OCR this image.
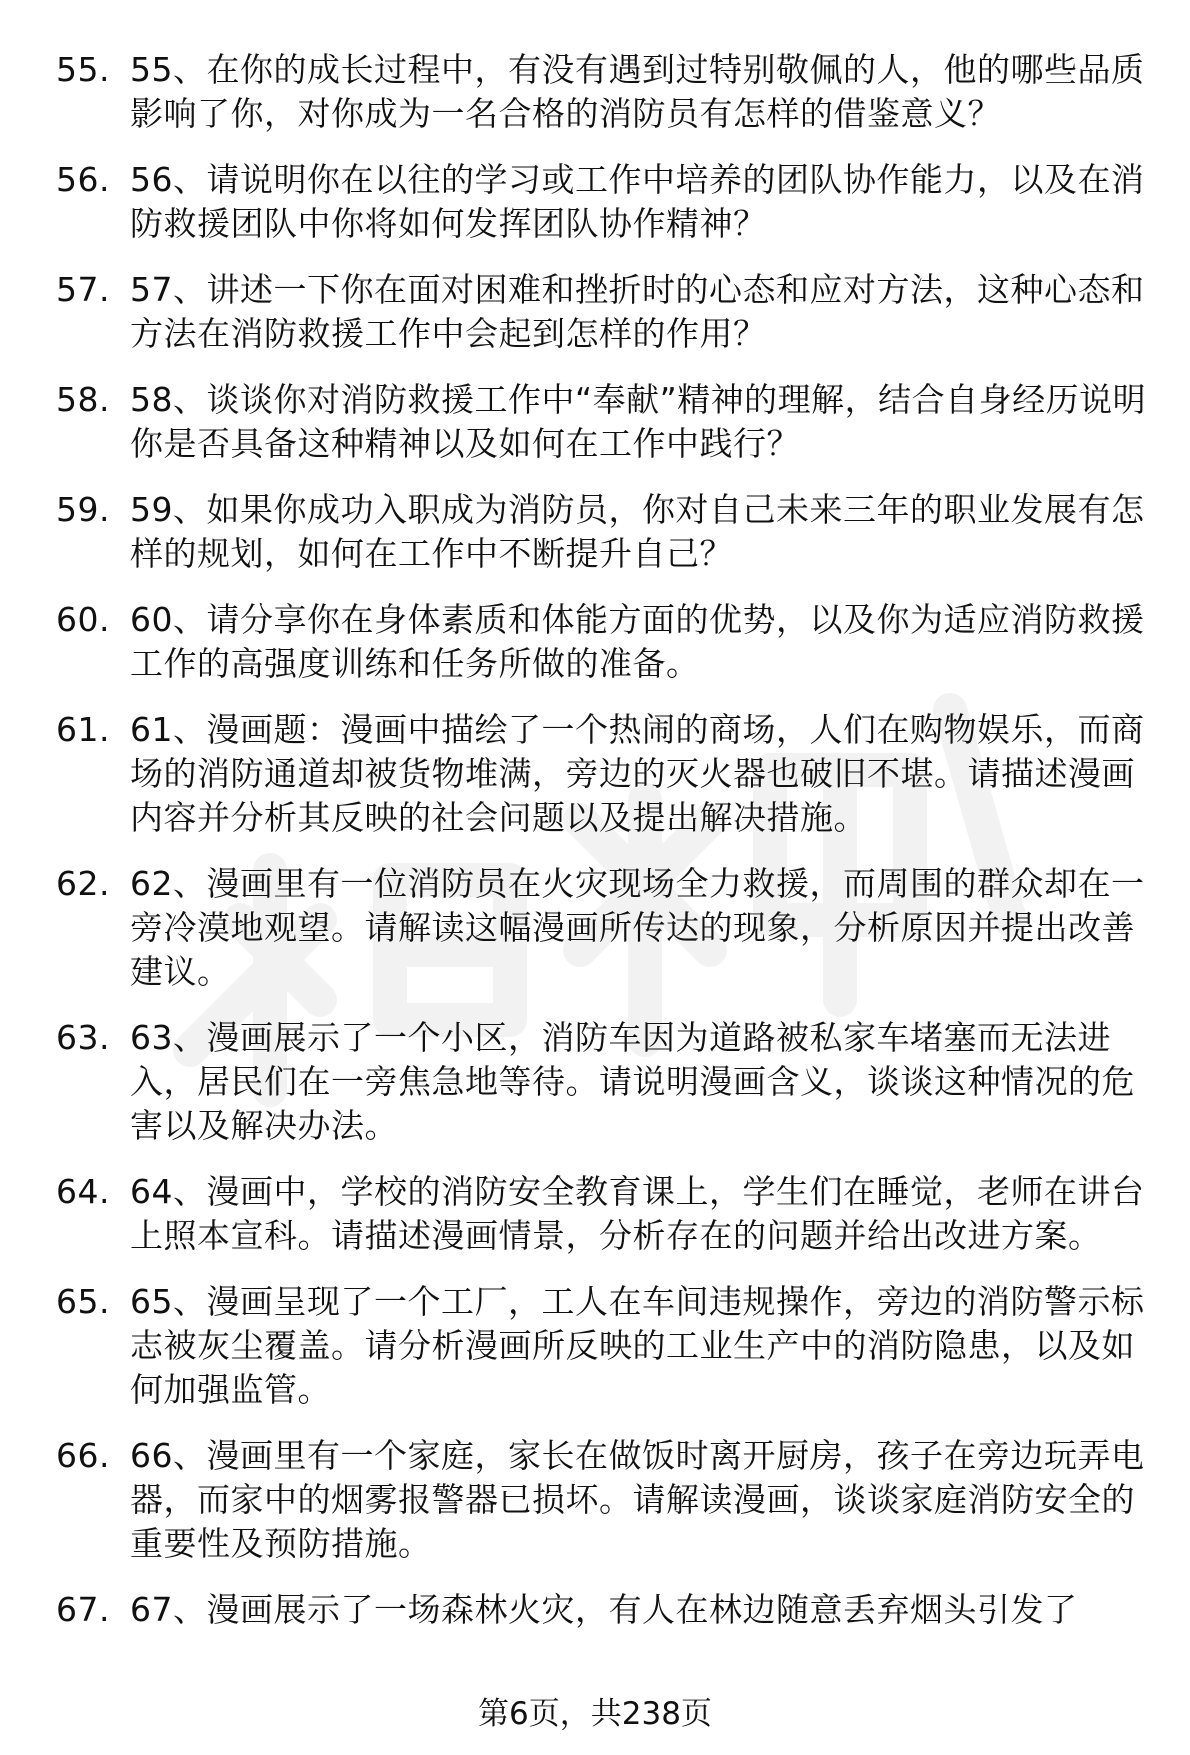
55. 55、在你的成长过程中，有没有遇到过特别敬佩的人，他的哪些品质影响了你，对你成为一名合格的消防员有怎样的借鉴意义？
56. 56、请说明你在以往的学习或工作中培养的团队协作能力，以及在消防救援团队中你将如何发挥团队协作精神？
57. 57、讲述一下你在面对困难和挫折时的心态和应对方法，这种心态和方法在消防救援工作中会起到怎样的作用？
58. 58、谈谈你对消防救援工作中“奉献”精神的理解，结合自身经历说明你是否具备这种精神以及如何在工作中践行？
59. 59、如果你成功入职成为消防员，你对自己未来三年的职业发展有怎样的规划，如何在工作中不断提升自己？
60. 60、请分享你在身体素质和体能方面的优势，以及你为适应消防救援工作的高强度训练和任务所做的准备。
61. 61、漫画题：漫画中描绘了一个热闹的商场，人们在购物娱乐，而商场的消防通道却被货物堆满，旁边的灭火器也破旧不堪。请描述漫画内容并分析其反映的社会问题以及提出解决措施。
62. 62、漫画里有一位消防员在火灾现场全力救援，而周围的群众却在一旁冷漠地观望。请解读这幅漫画所传达的现象，分析原因并提出改善建议。
63. 63、漫画展示了一个小区，消防车因为道路被私家车堵塞而无法进入，居民们在一旁焦急地等待。请说明漫画含义，谈谈这种情况的危害以及解决办法。
64. 64、漫画中，学校的消防安全教育课上，学生们在睡觉，老师在讲台上照本宣科。请描述漫画情景，分析存在的问题并给出改进方案。
65. 65、漫画呈现了一个工厂，工人在车间违规操作，旁边的消防警示标志被灰尘覆盖。请分析漫画所反映的工业生产中的消防隐患，以及如何加强监管。
66. 66、漫画里有一个家庭，家长在做饭时离开厨房，孩子在旁边玩弄电器，而家中的烟雾报警器已损坏。请解读漫画，谈谈家庭消防安全的重要性及预防措施。
67. 67、漫画展示了一场森林火灾，有人在林边随意丢弃烟头引发了
第6页，共238页
